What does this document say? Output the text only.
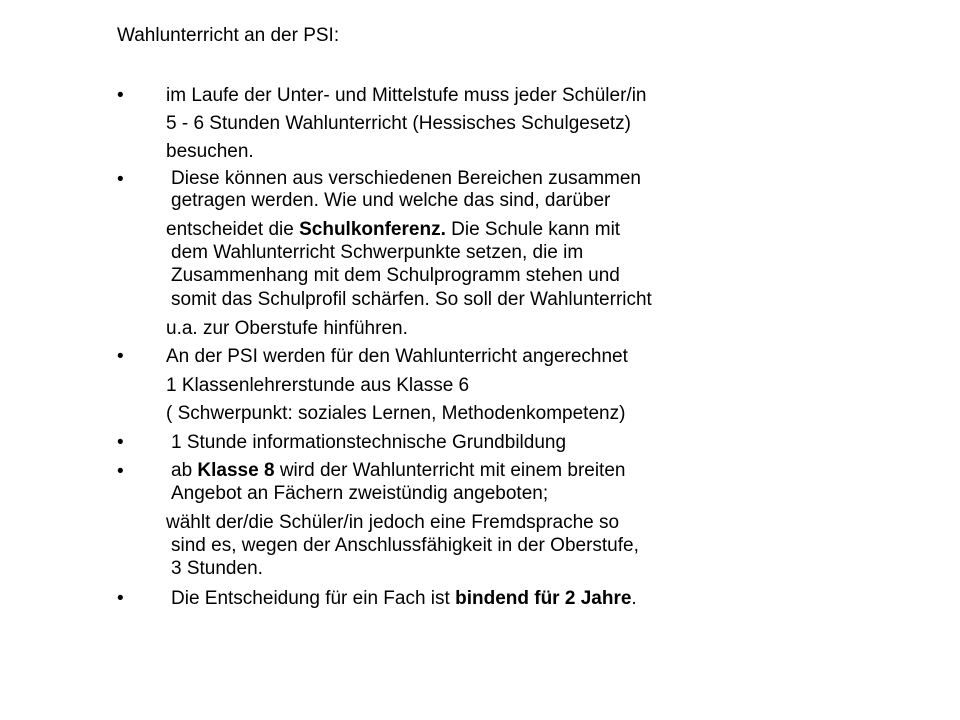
Wahlunterricht an der PSI:
• im Laufe der Unter- und Mittelstufe muss jeder Schüler/in
5 - 6 Stunden Wahlunterricht (Hessisches Schulgesetz)
besuchen.
• Diese können aus verschiedenen Bereichen zusammen
getragen werden. Wie und welche das sind, darüber
entscheidet die Schulkonferenz. Die Schule kann mit
dem Wahlunterricht Schwerpunkte setzen, die im
Zusammenhang mit dem Schulprogramm stehen und
somit das Schulprofil schärfen. So soll der Wahlunterricht
u.a. zur Oberstufe hinführen.
• An der PSI werden für den Wahlunterricht angerechnet
1 Klassenlehrerstunde aus Klasse 6
( Schwerpunkt: soziales Lernen, Methodenkompetenz)
• 1 Stunde informationstechnische Grundbildung
• ab Klasse 8 wird der Wahlunterricht mit einem breiten
Angebot an Fächern zweistündig angeboten;
wählt der/die Schüler/in jedoch eine Fremdsprache so
sind es, wegen der Anschlussfähigkeit in der Oberstufe,
3 Stunden.
• Die Entscheidung für ein Fach ist bindend für 2 Jahre.
